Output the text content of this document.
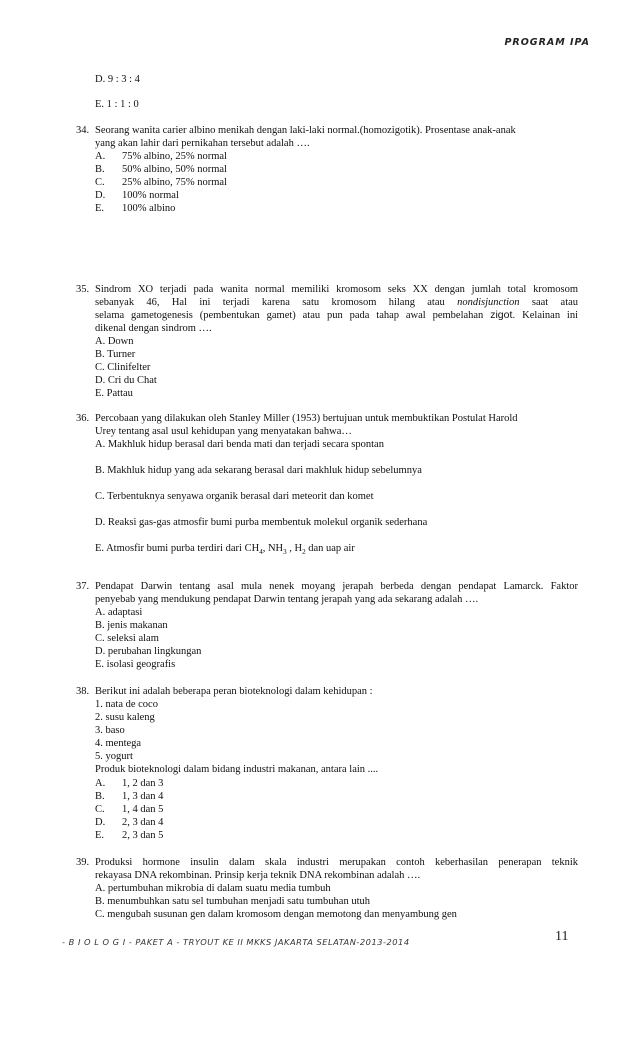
PROGRAM IPA
D. 9 : 3 : 4
E. 1 : 1 : 0
34. Seorang wanita carier albino menikah dengan laki-laki normal.(homozigotik). Prosentase anak-anak
yang akan lahir dari pernikahan tersebut adalah ….
A. 75% albino, 25% normal
B. 50% albino, 50% normal
C. 25% albino, 75% normal
D. 100% normal
E. 100% albino
35. Sindrom XO terjadi pada wanita normal memiliki kromosom seks XX dengan jumlah total kromosom
sebanyak 46, Hal ini terjadi karena satu kromosom hilang atau nondisjunction saat atau
selama gametogenesis (pembentukan gamet) atau pun pada tahap awal pembelahan zigot. Kelainan ini
dikenal dengan sindrom ….
A. Down
B. Turner
C. Clinifelter
D. Cri du Chat
E. Pattau
36. Percobaan yang dilakukan oleh Stanley Miller (1953) bertujuan untuk membuktikan Postulat Harold
Urey tentang asal usul kehidupan yang menyatakan bahwa…
A. Makhluk hidup berasal dari benda mati dan terjadi secara spontan
B. Makhluk hidup yang ada sekarang berasal dari makhluk hidup sebelumnya
C. Terbentuknya senyawa organik berasal dari meteorit dan komet
D. Reaksi gas-gas atmosfir bumi purba membentuk molekul organik sederhana
E. Atmosfir bumi purba terdiri dari $CH_4$, $NH_3$ , $H_2$ dan uap air
37. Pendapat Darwin tentang asal mula nenek moyang jerapah berbeda dengan pendapat Lamarck. Faktor
penyebab yang mendukung pendapat Darwin tentang jerapah yang ada sekarang adalah ….
A. adaptasi
B. jenis makanan
C. seleksi alam
D. perubahan lingkungan
E. isolasi geografis
38. Berikut ini adalah beberapa peran bioteknologi dalam kehidupan :
1. nata de coco
2. susu kaleng
3. baso
4. mentega
5. yogurt
Produk bioteknologi dalam bidang industri makanan, antara lain ....
A. 1, 2 dan 3
B. 1, 3 dan 4
C. 1, 4 dan 5
D. 2, 3 dan 4
E. 2, 3 dan 5
39. Produksi hormone insulin dalam skala industri merupakan contoh keberhasilan penerapan teknik
rekayasa DNA rekombinan. Prinsip kerja teknik DNA rekombinan adalah ….
A. pertumbuhan mikrobia di dalam suatu media tumbuh
B. menumbuhkan satu sel tumbuhan menjadi satu tumbuhan utuh
C. mengubah susunan gen dalam kromosom dengan memotong dan menyambung gen
- B I O L O G I - PAKET A - TRYOUT KE II MKKS JAKARTA SELATAN-2013-2014	11
